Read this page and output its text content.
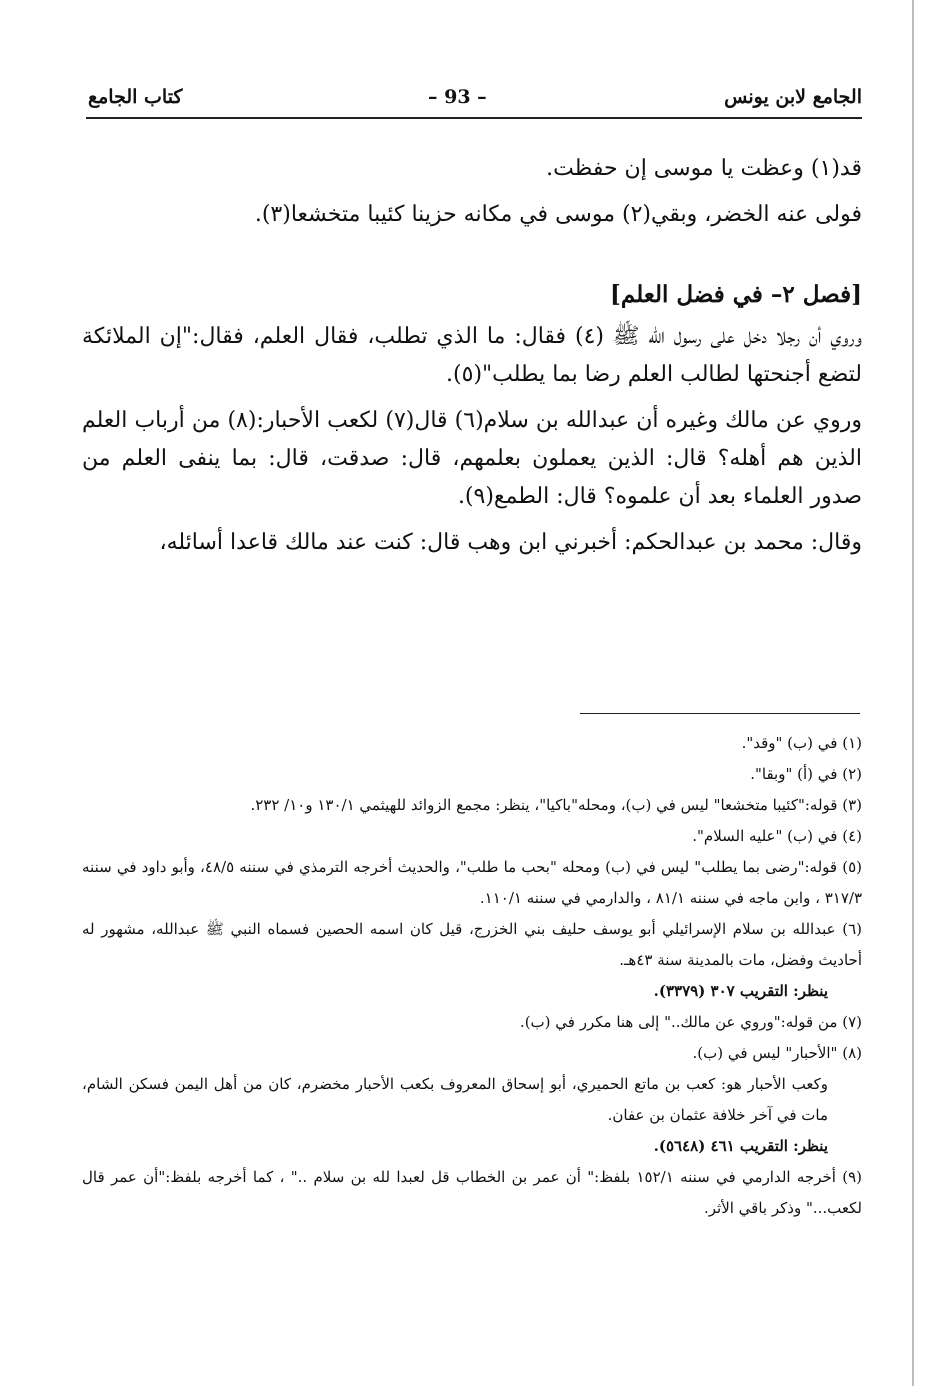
الجامع لابن يونس
– 93 –
كتاب الجامع

قد(١) وعظت يا موسى إن حفظت.

فولى عنه الخضر، وبقي(٢) موسى في مكانه حزينا كئيبا متخشعا(٣).

[فصل ٢– في فضل العلم]

وروي أن رجلا دخل على رسول الله ﷺ (٤) فقال: ما الذي تطلب، فقال العلم، فقال:"إن الملائكة لتضع أجنحتها لطالب العلم رضا بما يطلب"(٥).

وروي عن مالك وغيره أن عبدالله بن سلام(٦) قال(٧) لكعب الأحبار:(٨) من أرباب العلم الذين هم أهله؟ قال: الذين يعملون بعلمهم، قال: صدقت، قال: بما ينفى العلم من صدور العلماء بعد أن علموه؟ قال: الطمع(٩).

وقال: محمد بن عبدالحكم: أخبرني ابن وهب قال: كنت عند مالك قاعدا أسائله،

(١) في (ب) "وقد".

(٢) في (أ) "وبقا".

(٣) قوله:"كئيبا متخشعا" ليس في (ب)، ومحله"باكيا"، ينظر: مجمع الزوائد للهيثمي ١٣٠/١ و١٠/ ٢٣٢.

(٤) في (ب) "عليه السلام".

(٥) قوله:"رضى بما يطلب" ليس في (ب) ومحله "بحب ما طلب"، والحديث أخرجه الترمذي في سننه ٤٨/٥، وأبو داود في سننه ٣١٧/٣ ، وابن ماجه في سننه ٨١/١ ، والدارمي في سننه ١١٠/١.

(٦) عبدالله بن سلام الإسرائيلي أبو يوسف حليف بني الخزرج، قيل كان اسمه الحصين فسماه النبي ﷺ عبدالله، مشهور له أحاديث وفضل، مات بالمدينة سنة ٤٣هـ.

ينظر: التقريب ٣٠٧ (٣٣٧٩).

(٧) من قوله:"وروي عن مالك.." إلى هنا مكرر في (ب).

(٨) "الأحبار" ليس في (ب).

وكعب الأحبار هو: كعب بن ماتع الحميري، أبو إسحاق المعروف بكعب الأحبار مخضرم، كان من أهل اليمن فسكن الشام، مات في آخر خلافة عثمان بن عفان.

ينظر: التقريب ٤٦١ (٥٦٤٨).

(٩) أخرجه الدارمي في سننه ١٥٢/١ بلفظ:" أن عمر بن الخطاب قل لعبدا لله بن سلام .." ، كما أخرجه بلفظ:"أن عمر قال لكعب..." وذكر باقي الأثر.
